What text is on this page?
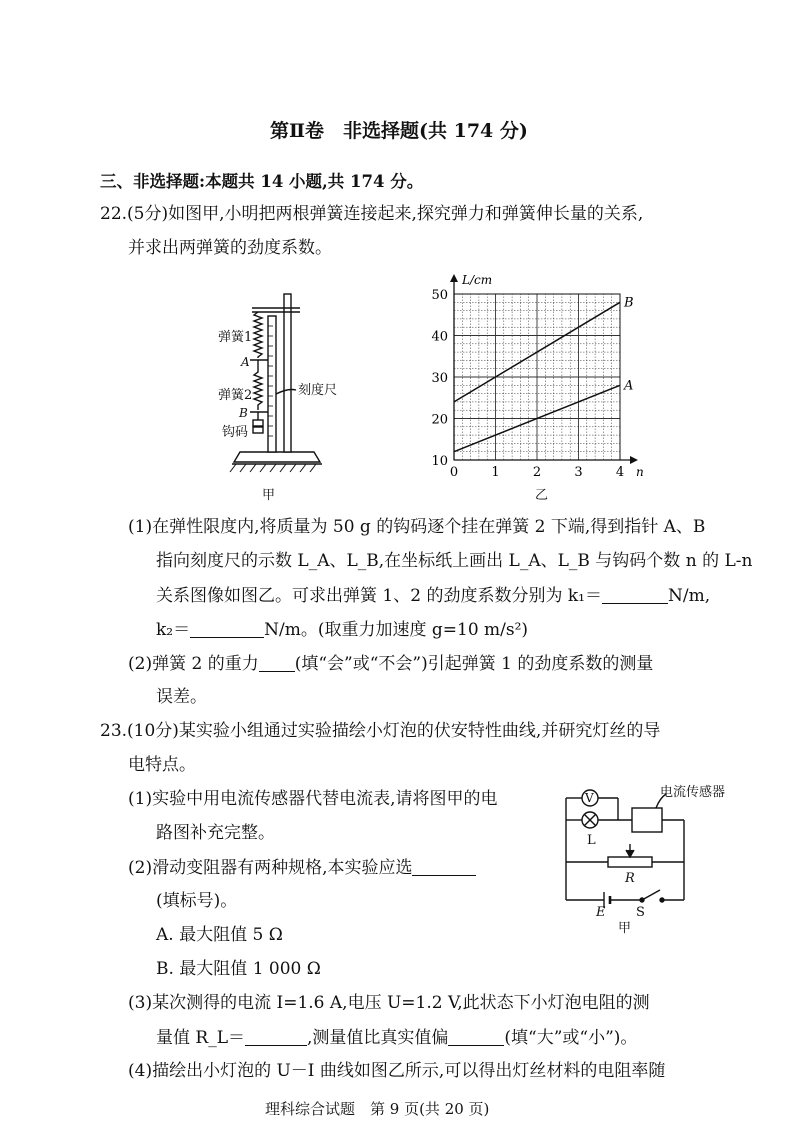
第Ⅱ卷　非选择题(共 174 分)
三、非选择题:本题共 14 小题,共 174 分。
22.(5分)如图甲,小明把两根弹簧连接起来,探究弹力和弹簧伸长量的关系,
并求出两弹簧的劲度系数。
弹簧1
A
弹簧2
B
钩码
刻度尺
甲
0	1	2	3	4
10
20
30
40
50
L/cm
n
B
A
乙
(1)在弹性限度内,将质量为 50 g 的钩码逐个挂在弹簧 2 下端,得到指针 A、B
指向刻度尺的示数 L_A、L_B,在坐标纸上画出 L_A、L_B 与钩码个数 n 的 L-n
关系图像如图乙。可求出弹簧 1、2 的劲度系数分别为 k₁＝	N/m,
k₂＝	N/m。(取重力加速度 g=10 m/s²)
(2)弹簧 2 的重力 (填“会”或“不会”)引起弹簧 1 的劲度系数的测量
误差。
23.(10分)某实验小组通过实验描绘小灯泡的伏安特性曲线,并研究灯丝的导
电特点。
(1)实验中用电流传感器代替电流表,请将图甲的电
路图补充完整。
(2)滑动变阻器有两种规格,本实验应选
(填标号)。
A. 最大阻值 5 Ω
B. 最大阻值 1 000 Ω
(3)某次测得的电流 I=1.6 A,电压 U=1.2 V,此状态下小灯泡电阻的测
量值 R_L＝	,测量值比真实值偏	(填“大”或“小”)。
(4)描绘出小灯泡的 U－I 曲线如图乙所示,可以得出灯丝材料的电阻率随
V	电流传感器
L
R
E S
甲
理科综合试题　第 9 页(共 20 页)
